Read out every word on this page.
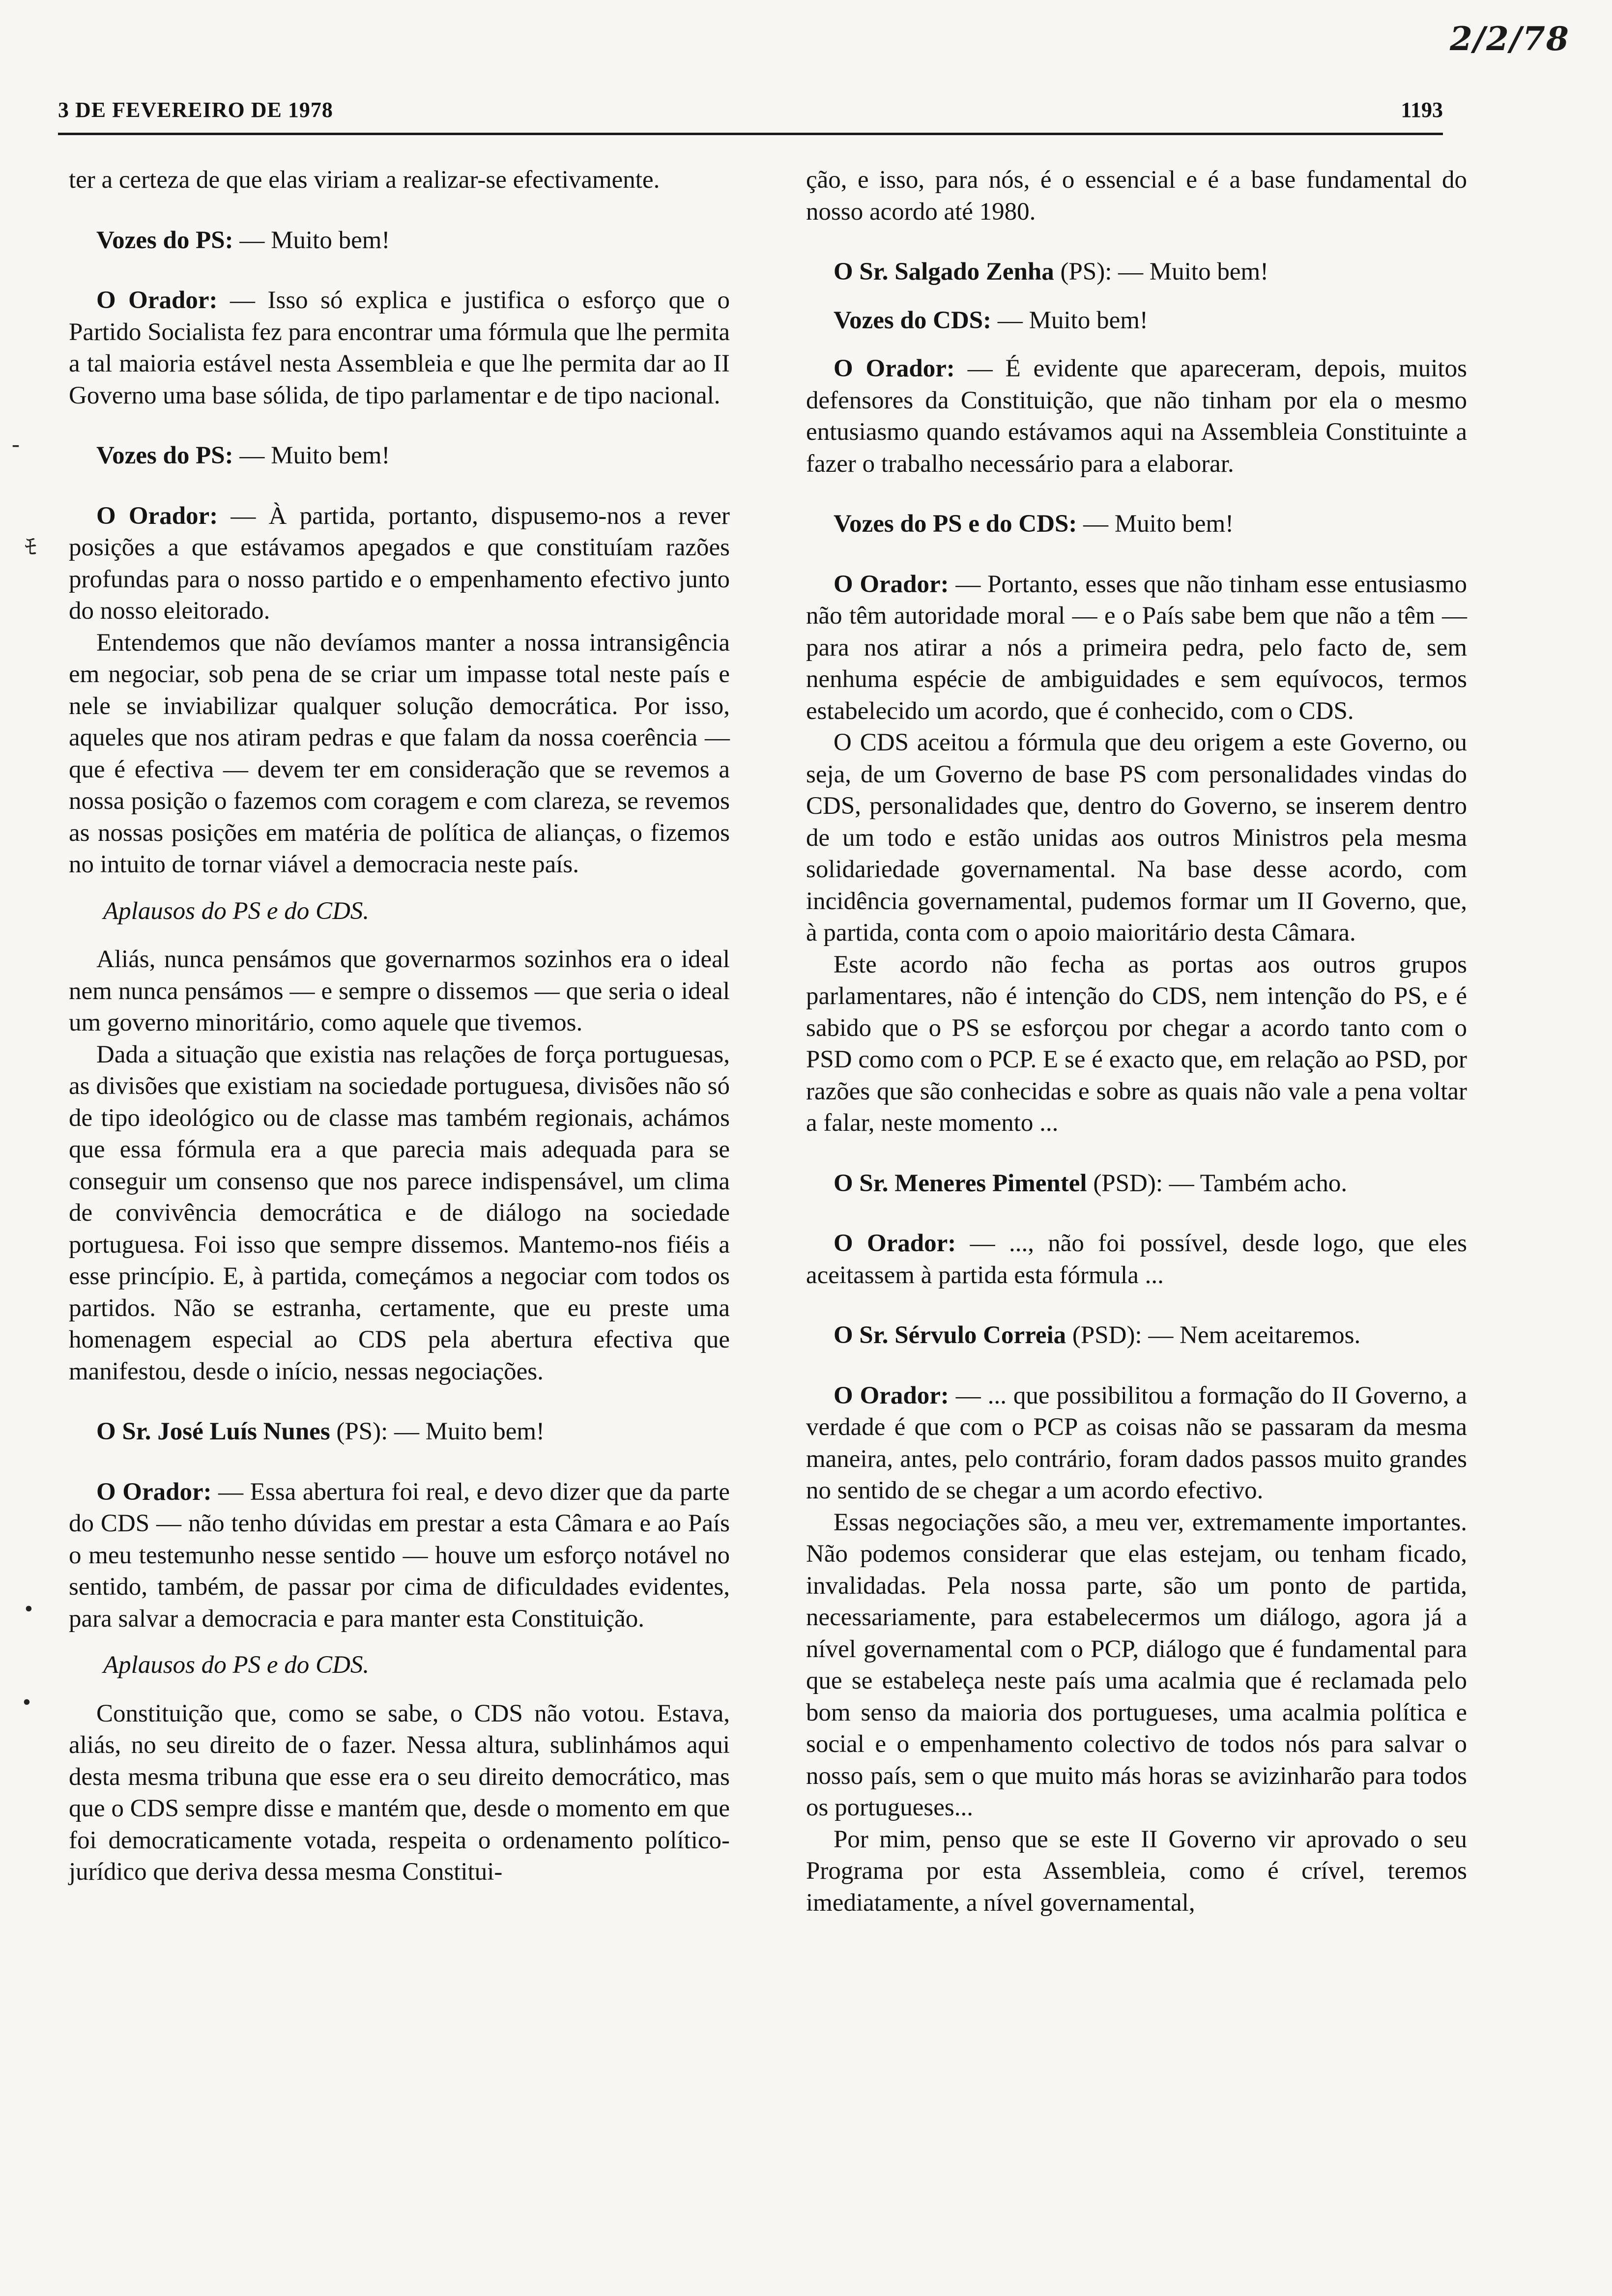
2/2/78
3 DE FEVEREIRO DE 1978	1193
-
ﾓ
•
•

ter a certeza de que elas viriam a realizar-se efectivamente.

Vozes do PS: — Muito bem!

O Orador: — Isso só explica e justifica o esforço que o Partido Socialista fez para encontrar uma fórmula que lhe permita a tal maioria estável nesta Assembleia e que lhe permita dar ao II Governo uma base sólida, de tipo parlamentar e de tipo nacional.

Vozes do PS: — Muito bem!

O Orador: — À partida, portanto, dispusemo-nos a rever posições a que estávamos apegados e que constituíam razões profundas para o nosso partido e o empenhamento efectivo junto do nosso eleitorado.

Entendemos que não devíamos manter a nossa intransigência em negociar, sob pena de se criar um impasse total neste país e nele se inviabilizar qualquer solução democrática. Por isso, aqueles que nos atiram pedras e que falam da nossa coerência — que é efectiva — devem ter em consideração que se revemos a nossa posição o fazemos com coragem e com clareza, se revemos as nossas posições em matéria de política de alianças, o fizemos no intuito de tornar viável a democracia neste país.

Aplausos do PS e do CDS.

Aliás, nunca pensámos que governarmos sozinhos era o ideal nem nunca pensámos — e sempre o dissemos — que seria o ideal um governo minoritário, como aquele que tivemos.

Dada a situação que existia nas relações de força portuguesas, as divisões que existiam na sociedade portuguesa, divisões não só de tipo ideológico ou de classe mas também regionais, achámos que essa fórmula era a que parecia mais adequada para se conseguir um consenso que nos parece indispensável, um clima de convivência democrática e de diálogo na sociedade portuguesa. Foi isso que sempre dissemos. Mantemo-nos fiéis a esse princípio. E, à partida, começámos a negociar com todos os partidos. Não se estranha, certamente, que eu preste uma homenagem especial ao CDS pela abertura efectiva que manifestou, desde o início, nessas negociações.

O Sr. José Luís Nunes (PS): — Muito bem!

O Orador: — Essa abertura foi real, e devo dizer que da parte do CDS — não tenho dúvidas em prestar a esta Câmara e ao País o meu testemunho nesse sentido — houve um esforço notável no sentido, também, de passar por cima de dificuldades evidentes, para salvar a democracia e para manter esta Constituição.

Aplausos do PS e do CDS.

Constituição que, como se sabe, o CDS não votou. Estava, aliás, no seu direito de o fazer. Nessa altura, sublinhámos aqui desta mesma tribuna que esse era o seu direito democrático, mas que o CDS sempre disse e mantém que, desde o momento em que foi democraticamente votada, respeita o ordenamento político-jurídico que deriva dessa mesma Constitui-

ção, e isso, para nós, é o essencial e é a base fundamental do nosso acordo até 1980.

O Sr. Salgado Zenha (PS): — Muito bem!

Vozes do CDS: — Muito bem!

O Orador: — É evidente que apareceram, depois, muitos defensores da Constituição, que não tinham por ela o mesmo entusiasmo quando estávamos aqui na Assembleia Constituinte a fazer o trabalho necessário para a elaborar.

Vozes do PS e do CDS: — Muito bem!

O Orador: — Portanto, esses que não tinham esse entusiasmo não têm autoridade moral — e o País sabe bem que não a têm — para nos atirar a nós a primeira pedra, pelo facto de, sem nenhuma espécie de ambiguidades e sem equívocos, termos estabelecido um acordo, que é conhecido, com o CDS.

O CDS aceitou a fórmula que deu origem a este Governo, ou seja, de um Governo de base PS com personalidades vindas do CDS, personalidades que, dentro do Governo, se inserem dentro de um todo e estão unidas aos outros Ministros pela mesma solidariedade governamental. Na base desse acordo, com incidência governamental, pudemos formar um II Governo, que, à partida, conta com o apoio maioritário desta Câmara.

Este acordo não fecha as portas aos outros grupos parlamentares, não é intenção do CDS, nem intenção do PS, e é sabido que o PS se esforçou por chegar a acordo tanto com o PSD como com o PCP. E se é exacto que, em relação ao PSD, por razões que são conhecidas e sobre as quais não vale a pena voltar a falar, neste momento ...

O Sr. Meneres Pimentel (PSD): — Também acho.

O Orador: — ..., não foi possível, desde logo, que eles aceitassem à partida esta fórmula ...

O Sr. Sérvulo Correia (PSD): — Nem aceitaremos.

O Orador: — ... que possibilitou a formação do II Governo, a verdade é que com o PCP as coisas não se passaram da mesma maneira, antes, pelo contrário, foram dados passos muito grandes no sentido de se chegar a um acordo efectivo.

Essas negociações são, a meu ver, extremamente importantes. Não podemos considerar que elas estejam, ou tenham ficado, invalidadas. Pela nossa parte, são um ponto de partida, necessariamente, para estabelecermos um diálogo, agora já a nível governamental com o PCP, diálogo que é fundamental para que se estabeleça neste país uma acalmia que é reclamada pelo bom senso da maioria dos portugueses, uma acalmia política e social e o empenhamento colectivo de todos nós para salvar o nosso país, sem o que muito más horas se avizinharão para todos os portugueses...

Por mim, penso que se este II Governo vir aprovado o seu Programa por esta Assembleia, como é crível, teremos imediatamente, a nível governamental,
